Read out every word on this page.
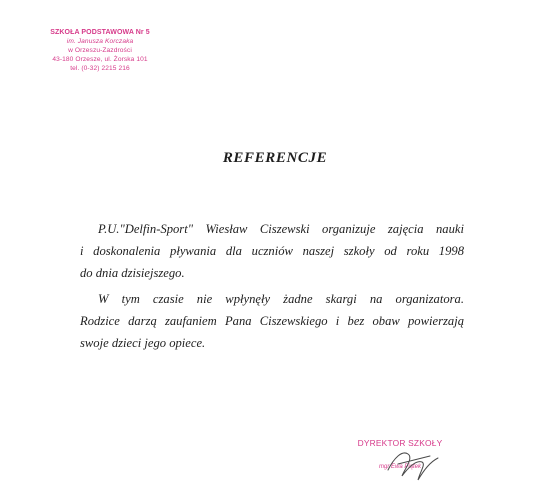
SZKOŁA PODSTAWOWA Nr 5
im. Janusza Korczaka
w Orzeszu-Zazdrości
43-180 Orzesze, ul. Żorska 101
tel. (0-32) 2215 216
REFERENCJE
P.U."Delfin-Sport" Wiesław Ciszewski organizuje zajęcia nauki
i doskonalenia pływania dla uczniów naszej szkoły od roku 1998
do dnia dzisiejszego.
W tym czasie nie wpłynęły żadne skargi na organizatora.
Rodzice darzą zaufaniem Pana Ciszewskiego i bez obaw powierzają
swoje dzieci jego opiece.
DYREKTOR SZKOŁY
mgr Ewa Piątek
